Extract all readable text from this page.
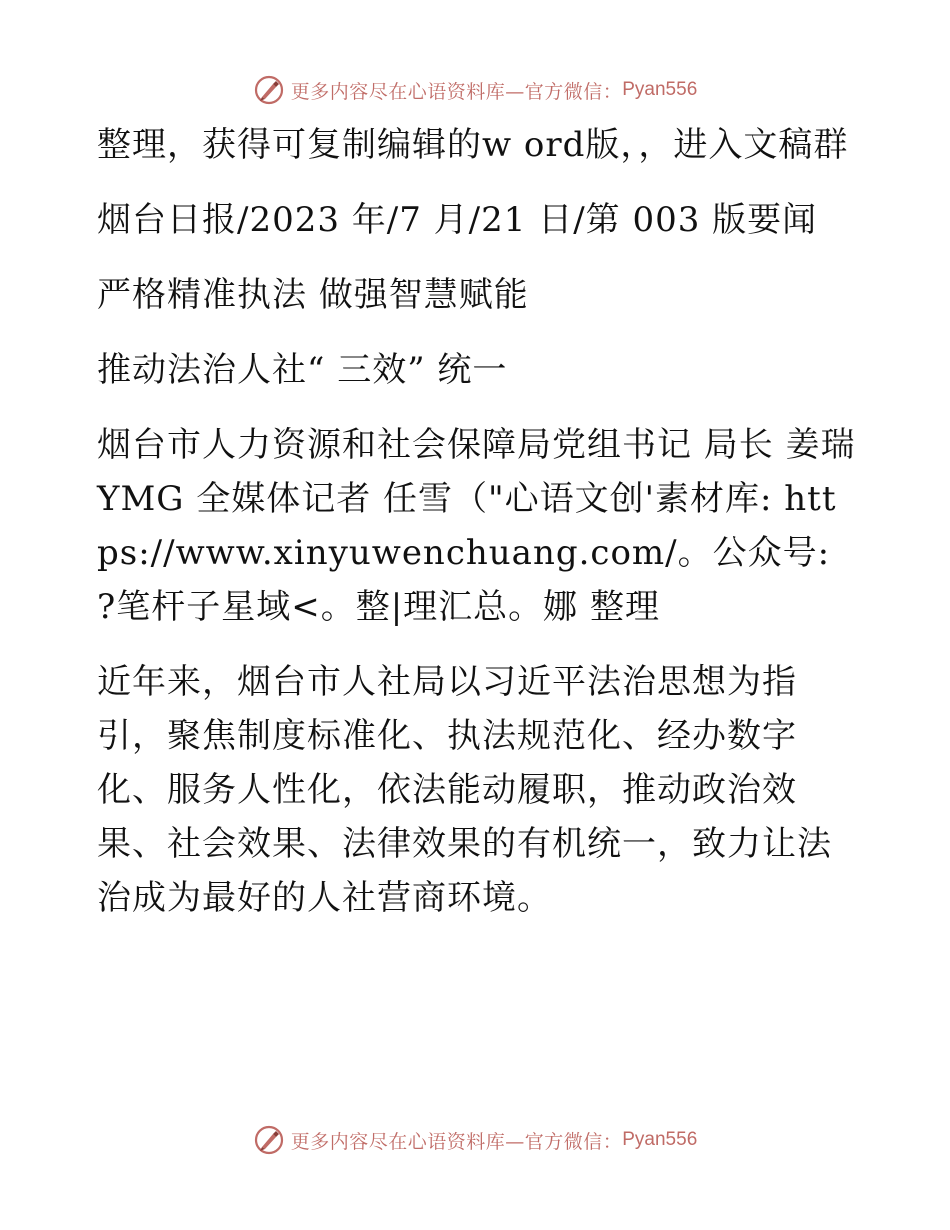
更多内容尽在心语资料库—官方微信： Pyan556

整理，获得可复制编辑的w ord版，，进入文稿群

烟台日报/2023 年/7 月/21 日/第 003 版要闻

严格精准执法 做强智慧赋能

推动法治人社“ 三效” 统一

烟台市人力资源和社会保障局党组书记 局长 姜瑞 YMG 全媒体记者 任雪（"心语文创'素材库: https://www.xinyuwenchuang.com/。公众号: ?笔杆子星域<。整|理汇总。娜 整理

近年来，烟台市人社局以习近平法治思想为指引，聚焦制度标准化、执法规范化、经办数字化、服务人性化，依法能动履职，推动政治效果、社会效果、法律效果的有机统一，致力让法治成为最好的人社营商环境。

更多内容尽在心语资料库—官方微信： Pyan556
